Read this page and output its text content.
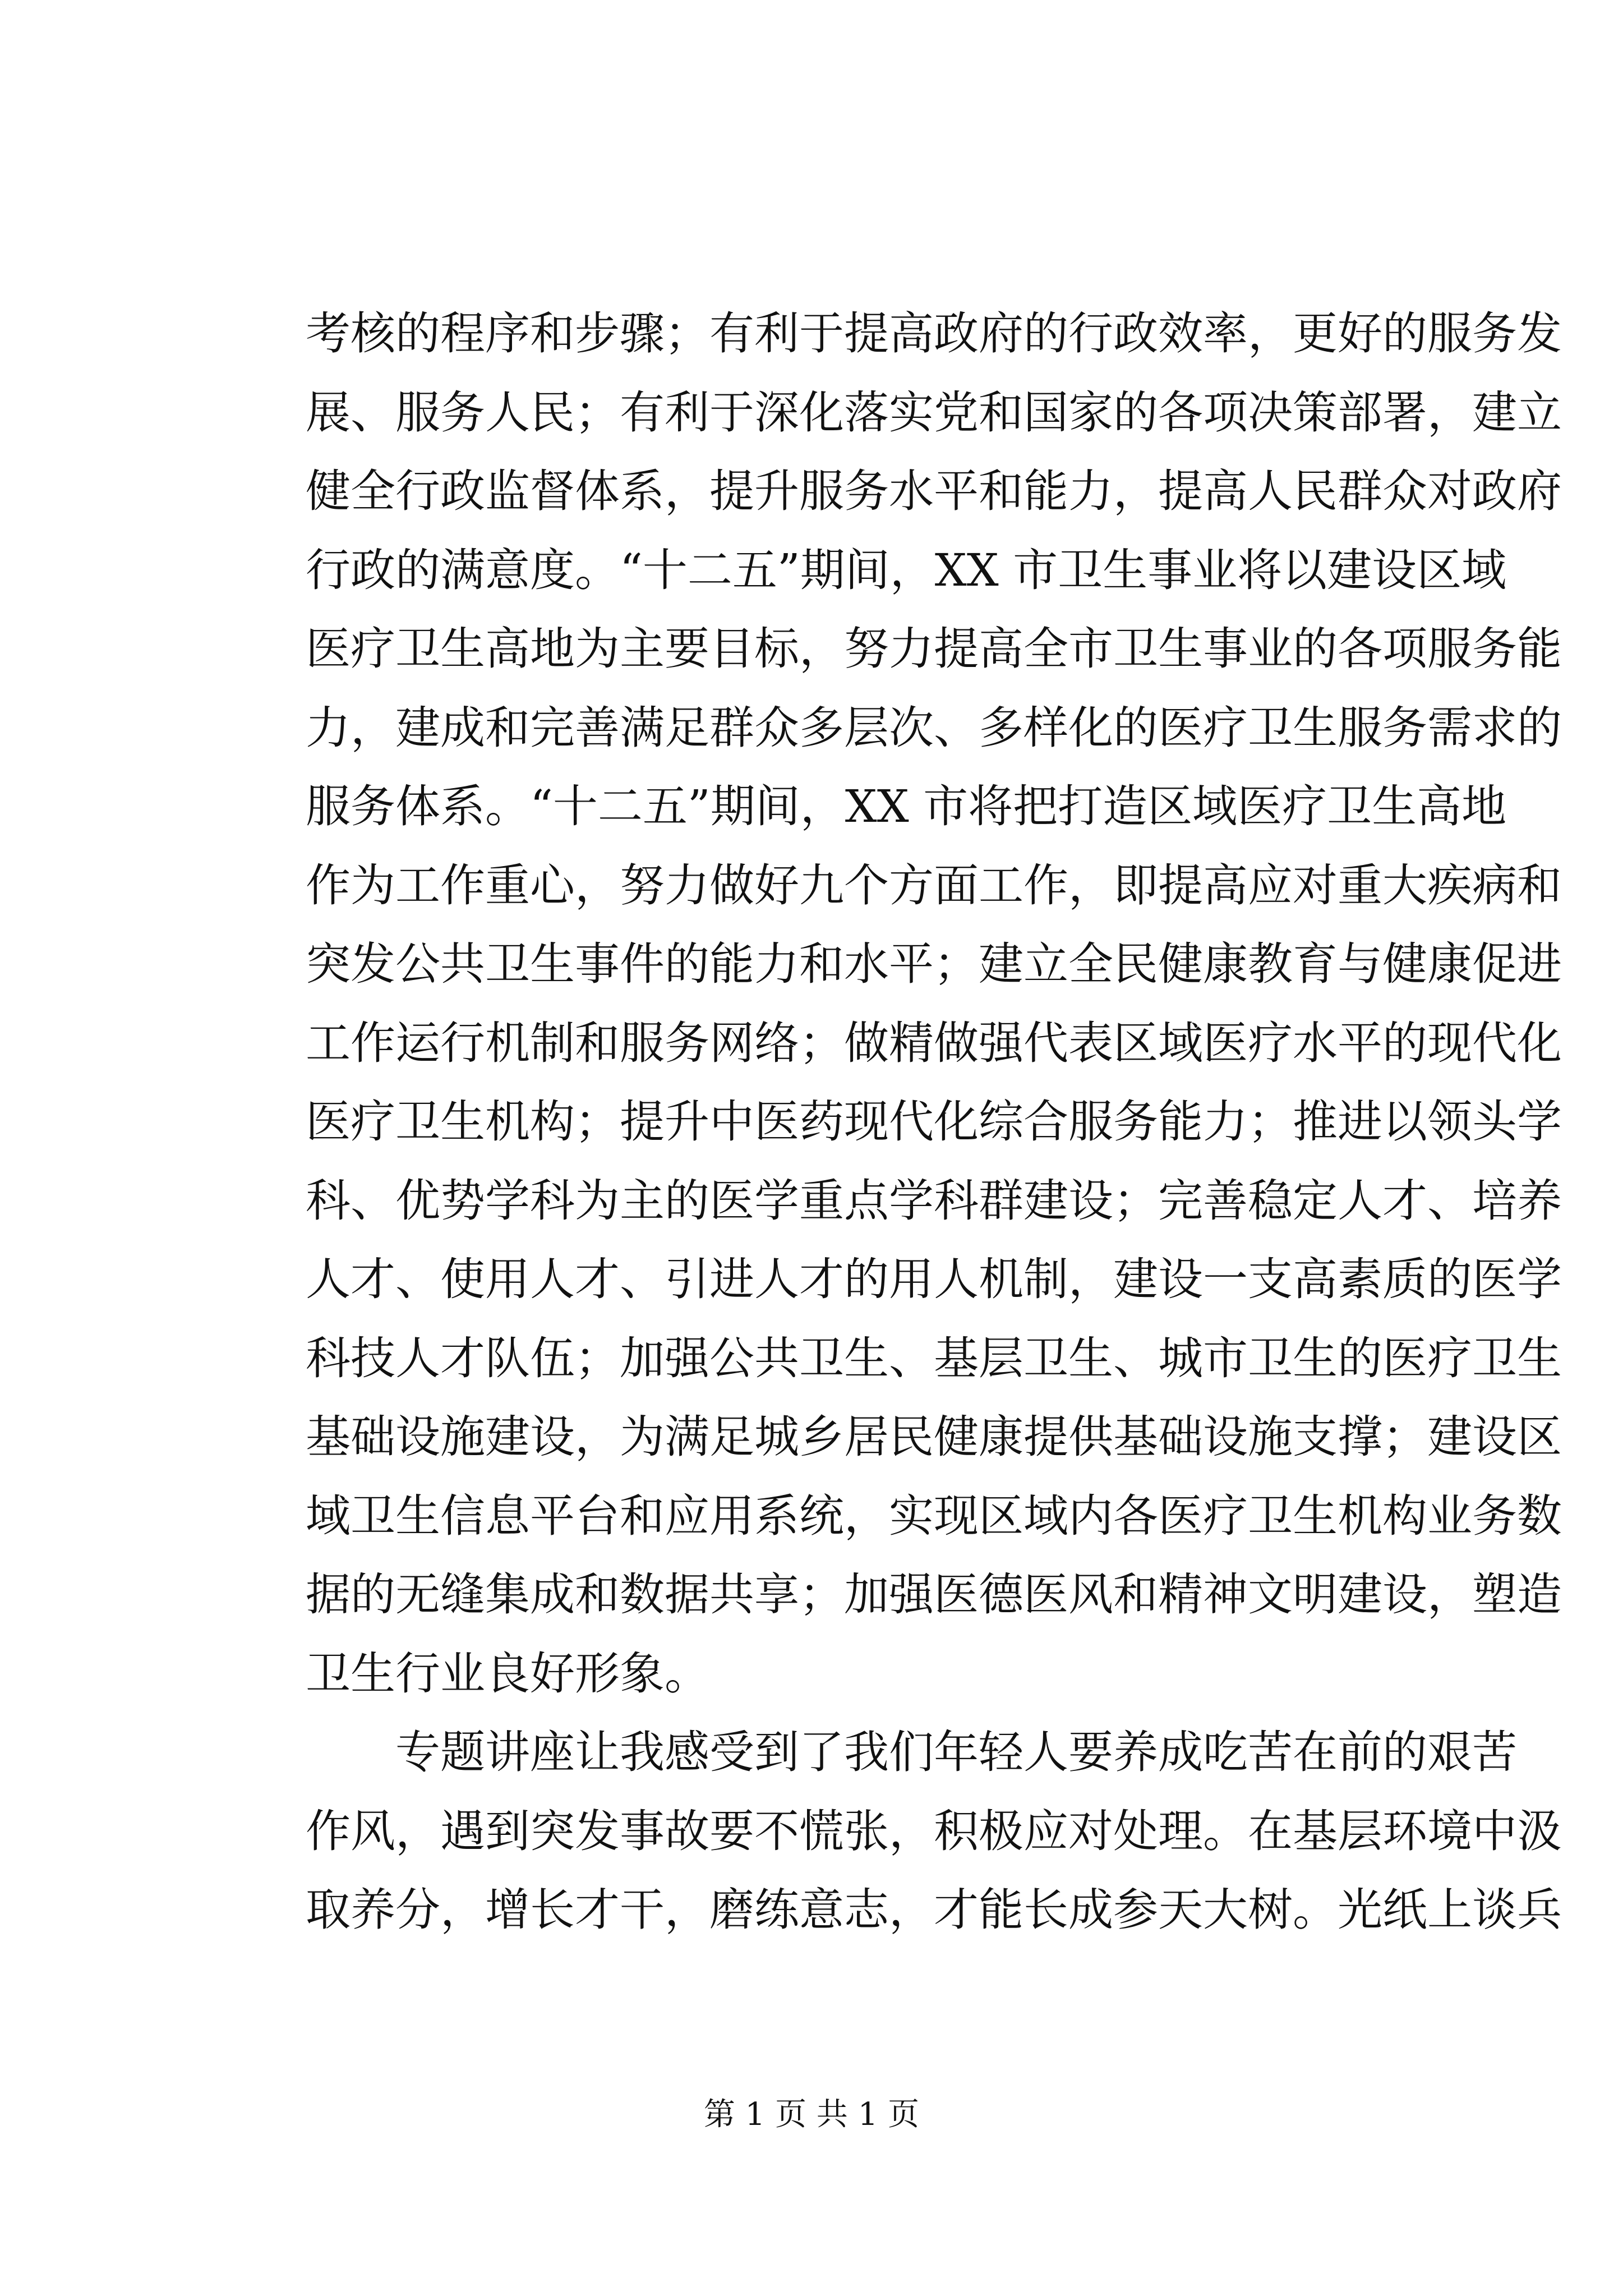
考核的程序和步骤；有利于提高政府的行政效率，更好的服务发
展、服务人民；有利于深化落实党和国家的各项决策部署，建立
健全行政监督体系，提升服务水平和能力，提高人民群众对政府
行政的满意度。“十二五”期间，XX 市卫生事业将以建设区域
医疗卫生高地为主要目标，努力提高全市卫生事业的各项服务能
力，建成和完善满足群众多层次、多样化的医疗卫生服务需求的
服务体系。“十二五”期间，XX 市将把打造区域医疗卫生高地
作为工作重心，努力做好九个方面工作，即提高应对重大疾病和
突发公共卫生事件的能力和水平；建立全民健康教育与健康促进
工作运行机制和服务网络；做精做强代表区域医疗水平的现代化
医疗卫生机构；提升中医药现代化综合服务能力；推进以领头学
科、优势学科为主的医学重点学科群建设；完善稳定人才、培养
人才、使用人才、引进人才的用人机制，建设一支高素质的医学
科技人才队伍；加强公共卫生、基层卫生、城市卫生的医疗卫生
基础设施建设，为满足城乡居民健康提供基础设施支撑；建设区
域卫生信息平台和应用系统，实现区域内各医疗卫生机构业务数
据的无缝集成和数据共享；加强医德医风和精神文明建设，塑造
卫生行业良好形象。
　　专题讲座让我感受到了我们年轻人要养成吃苦在前的艰苦
作风，遇到突发事故要不慌张，积极应对处理。在基层环境中汲
取养分，增长才干，磨练意志，才能长成参天大树。光纸上谈兵
第 1 页 共 1 页
